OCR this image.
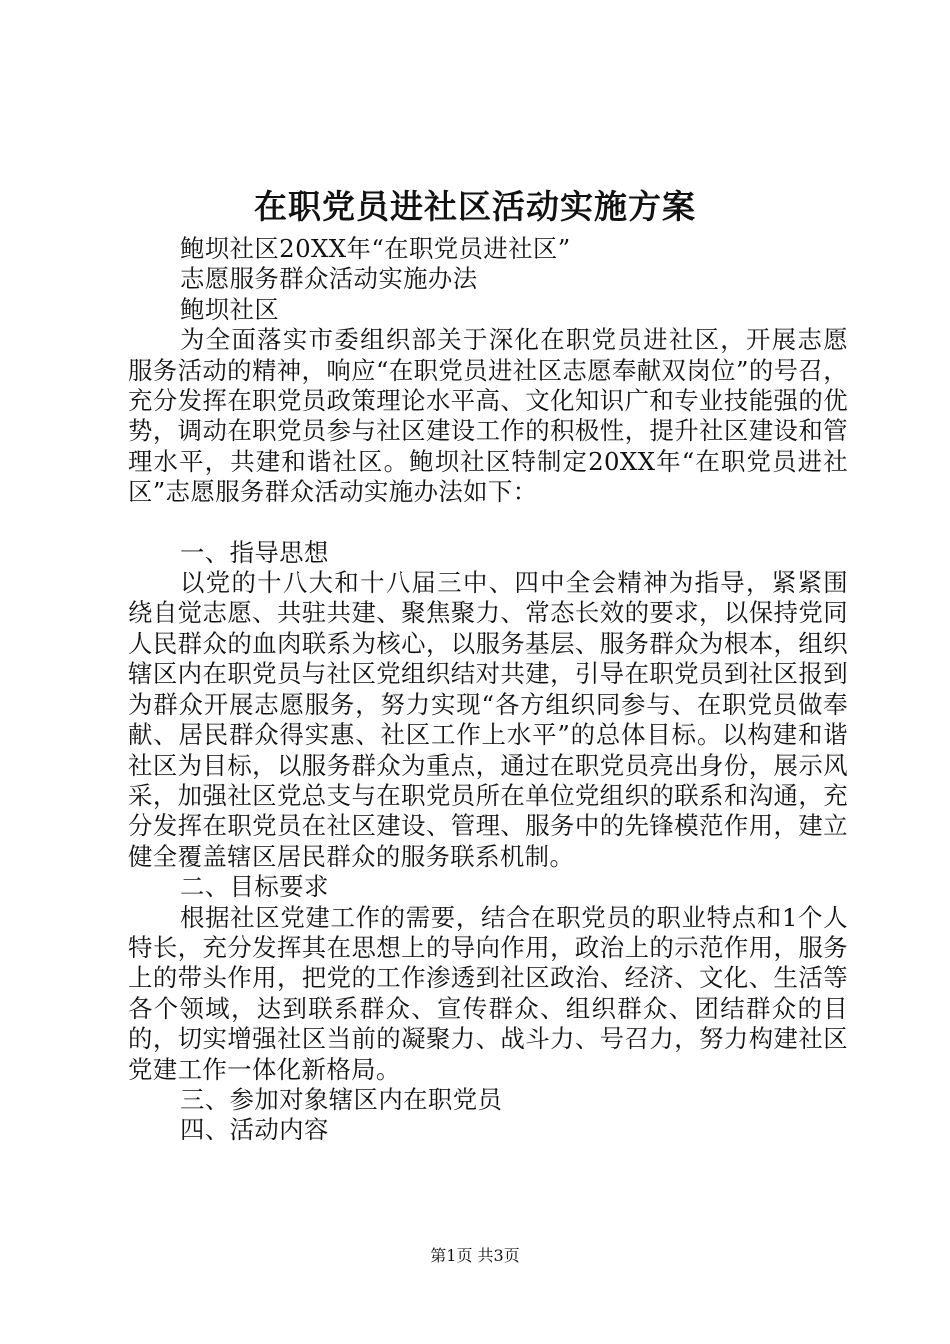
在职党员进社区活动实施方案

鲍坝社区20XX年“在职党员进社区”

志愿服务群众活动实施办法

鲍坝社区

为全面落实市委组织部关于深化在职党员进社区，开展志愿服务活动的精神，响应“在职党员进社区志愿奉献双岗位”的号召，充分发挥在职党员政策理论水平高、文化知识广和专业技能强的优势，调动在职党员参与社区建设工作的积极性，提升社区建设和管理水平，共建和谐社区。鲍坝社区特制定20XX年“在职党员进社区”志愿服务群众活动实施办法如下：

一、指导思想

以党的十八大和十八届三中、四中全会精神为指导，紧紧围绕自觉志愿、共驻共建、聚焦聚力、常态长效的要求，以保持党同人民群众的血肉联系为核心，以服务基层、服务群众为根本，组织辖区内在职党员与社区党组织结对共建，引导在职党员到社区报到为群众开展志愿服务，努力实现“各方组织同参与、在职党员做奉献、居民群众得实惠、社区工作上水平”的总体目标。以构建和谐社区为目标，以服务群众为重点，通过在职党员亮出身份，展示风采，加强社区党总支与在职党员所在单位党组织的联系和沟通，充分发挥在职党员在社区建设、管理、服务中的先锋模范作用，建立健全覆盖辖区居民群众的服务联系机制。

二、目标要求

根据社区党建工作的需要，结合在职党员的职业特点和1个人特长，充分发挥其在思想上的导向作用，政治上的示范作用，服务上的带头作用，把党的工作渗透到社区政治、经济、文化、生活等各个领域，达到联系群众、宣传群众、组织群众、团结群众的目的，切实增强社区当前的凝聚力、战斗力、号召力，努力构建社区党建工作一体化新格局。

三、参加对象辖区内在职党员

四、活动内容

第1页 共3页
